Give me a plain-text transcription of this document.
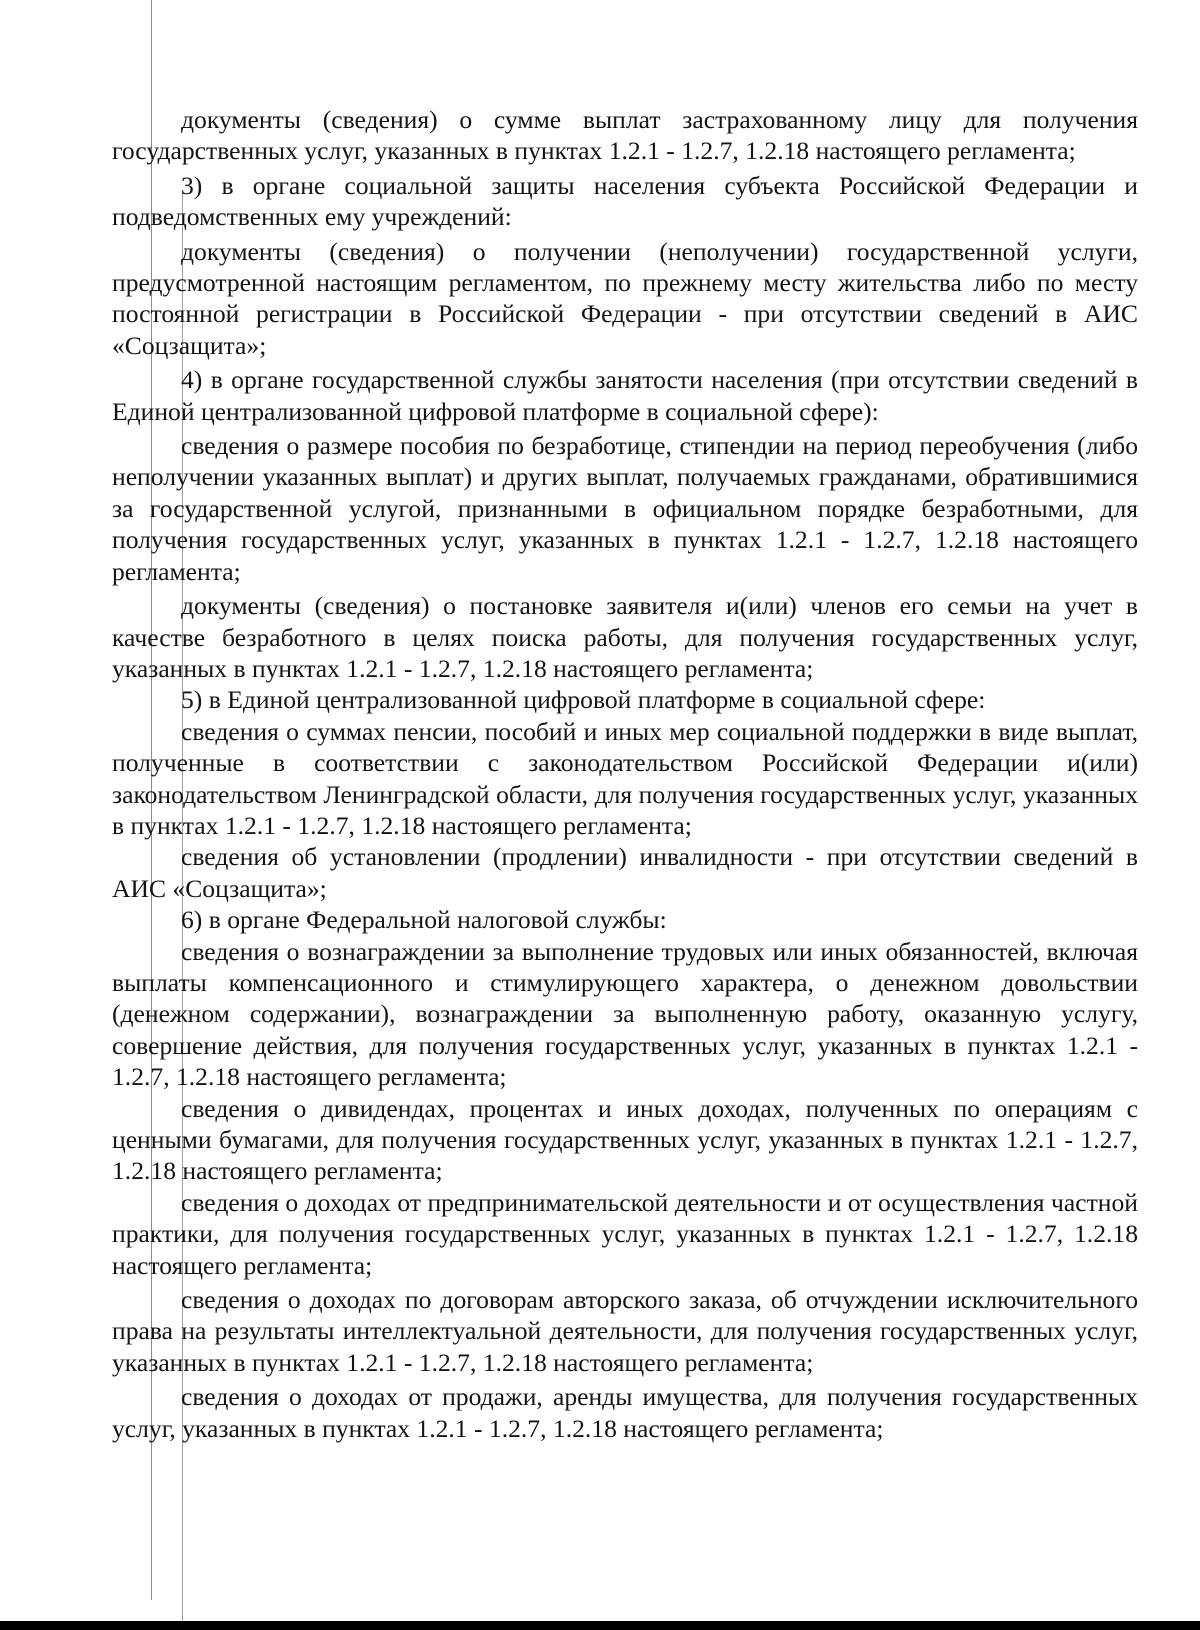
документы (сведения) о сумме выплат застрахованному лицу для получения государственных услуг, указанных в пунктах 1.2.1 - 1.2.7, 1.2.18 настоящего регламента;

3) в органе социальной защиты населения субъекта Российской Федерации и подведомственных ему учреждений:

документы (сведения) о получении (неполучении) государственной услуги, предусмотренной настоящим регламентом, по прежнему месту жительства либо по месту постоянной регистрации в Российской Федерации - при отсутствии сведений в АИС «Соцзащита»;

4) в органе государственной службы занятости населения (при отсутствии сведений в Единой централизованной цифровой платформе в социальной сфере):

сведения о размере пособия по безработице, стипендии на период переобучения (либо неполучении указанных выплат) и других выплат, получаемых гражданами, обратившимися за государственной услугой, признанными в официальном порядке безработными, для получения государственных услуг, указанных в пунктах 1.2.1 - 1.2.7, 1.2.18 настоящего регламента;

документы (сведения) о постановке заявителя и(или) членов его семьи на учет в качестве безработного в целях поиска работы, для получения государственных услуг, указанных в пунктах 1.2.1 - 1.2.7, 1.2.18 настоящего регламента;

5) в Единой централизованной цифровой платформе в социальной сфере:

сведения о суммах пенсии, пособий и иных мер социальной поддержки в виде выплат, полученные в соответствии с законодательством Российской Федерации и(или) законодательством Ленинградской области, для получения государственных услуг, указанных в пунктах 1.2.1 - 1.2.7, 1.2.18 настоящего регламента;

сведения об установлении (продлении) инвалидности - при отсутствии сведений в АИС «Соцзащита»;

6) в органе Федеральной налоговой службы:

сведения о вознаграждении за выполнение трудовых или иных обязанностей, включая выплаты компенсационного и стимулирующего характера, о денежном довольствии (денежном содержании), вознаграждении за выполненную работу, оказанную услугу, совершение действия, для получения государственных услуг, указанных в пунктах 1.2.1 - 1.2.7, 1.2.18 настоящего регламента;

сведения о дивидендах, процентах и иных доходах, полученных по операциям с ценными бумагами, для получения государственных услуг, указанных в пунктах 1.2.1 - 1.2.7, 1.2.18 настоящего регламента;

сведения о доходах от предпринимательской деятельности и от осуществления частной практики, для получения государственных услуг, указанных в пунктах 1.2.1 - 1.2.7, 1.2.18 настоящего регламента;

сведения о доходах по договорам авторского заказа, об отчуждении исключительного права на результаты интеллектуальной деятельности, для получения государственных услуг, указанных в пунктах 1.2.1 - 1.2.7, 1.2.18 настоящего регламента;

сведения о доходах от продажи, аренды имущества, для получения государственных услуг, указанных в пунктах 1.2.1 - 1.2.7, 1.2.18 настоящего регламента;
